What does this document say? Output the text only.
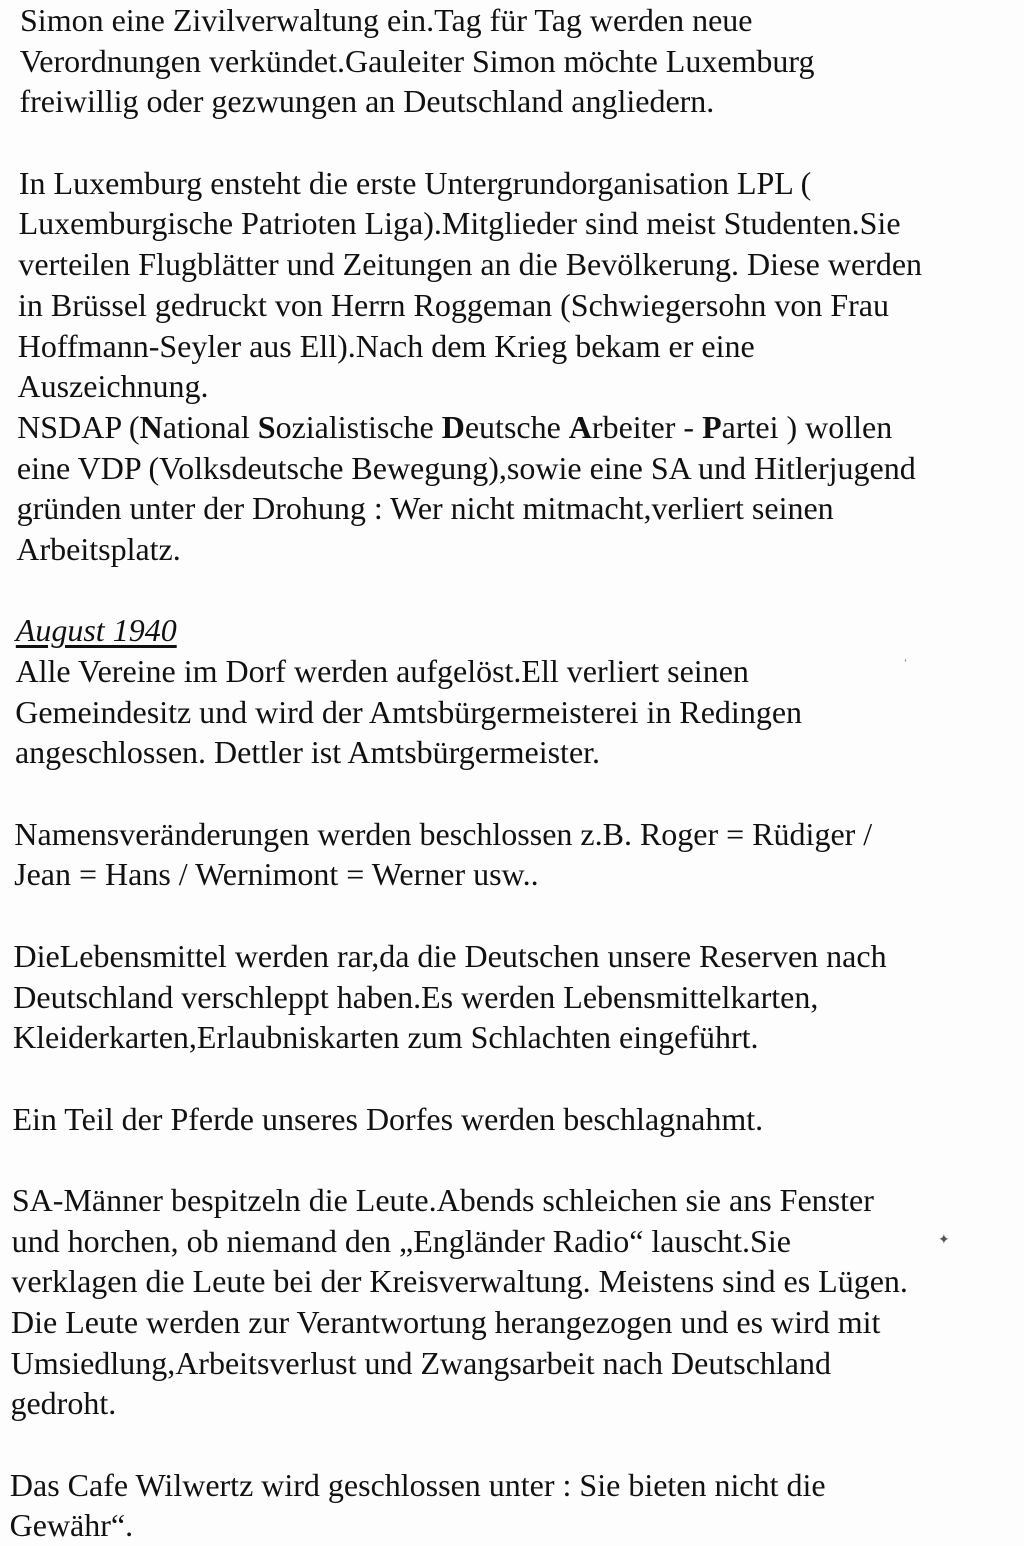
Simon eine Zivilverwaltung ein.Tag für Tag werden neue
Verordnungen verkündet.Gauleiter Simon möchte Luxemburg
freiwillig oder gezwungen an Deutschland angliedern.
In Luxemburg ensteht die erste Untergrundorganisation LPL (
Luxemburgische Patrioten Liga).Mitglieder sind meist Studenten.Sie
verteilen Flugblätter und Zeitungen an die Bevölkerung. Diese werden
in Brüssel gedruckt von Herrn Roggeman (Schwiegersohn von Frau
Hoffmann-Seyler aus Ell).Nach dem Krieg bekam er eine
Auszeichnung.
NSDAP (National Sozialistische Deutsche Arbeiter - Partei ) wollen
eine VDP (Volksdeutsche Bewegung),sowie eine SA und Hitlerjugend
gründen unter der Drohung : Wer nicht mitmacht,verliert seinen
Arbeitsplatz.
August 1940
Alle Vereine im Dorf werden aufgelöst.Ell verliert seinen
Gemeindesitz und wird der Amtsbürgermeisterei in Redingen
angeschlossen. Dettler ist Amtsbürgermeister.
Namensveränderungen werden beschlossen z.B. Roger = Rüdiger /
Jean = Hans / Wernimont = Werner usw..
DieLebensmittel werden rar,da die Deutschen unsere Reserven nach
Deutschland verschleppt haben.Es werden Lebensmittelkarten,
Kleiderkarten,Erlaubniskarten zum Schlachten eingeführt.
Ein Teil der Pferde unseres Dorfes werden beschlagnahmt.
SA-Männer bespitzeln die Leute.Abends schleichen sie ans Fenster
und horchen, ob niemand den „Engländer Radio“ lauscht.Sie
verklagen die Leute bei der Kreisverwaltung. Meistens sind es Lügen.
Die Leute werden zur Verantwortung herangezogen und es wird mit
Umsiedlung,Arbeitsverlust und Zwangsarbeit nach Deutschland
gedroht.
Das Cafe Wilwertz wird geschlossen unter : Sie bieten nicht die
Gewähr“.
✦
ˈ
